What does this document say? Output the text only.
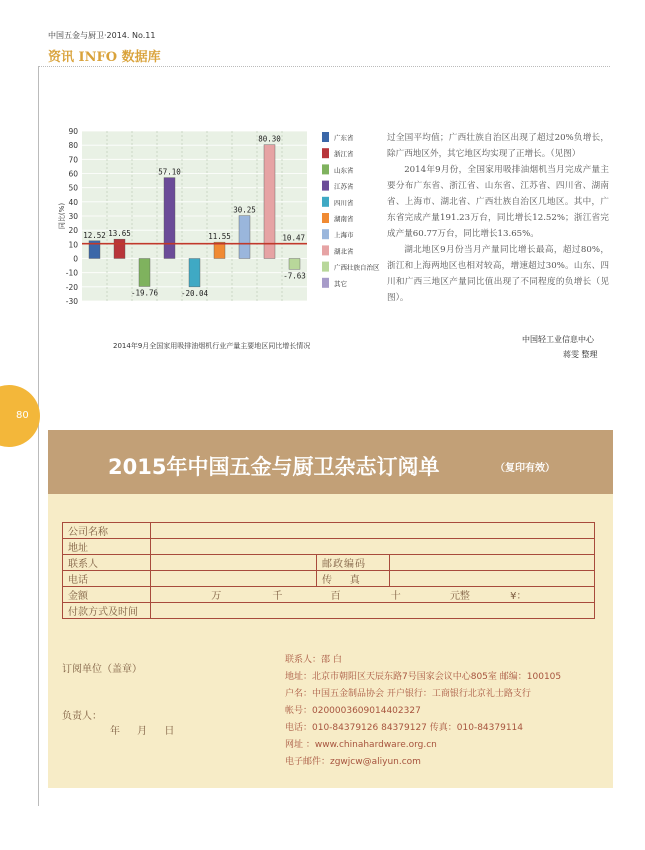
中国五金与厨卫·2014. No.11
资讯 INFO 数据库
80
90
80
70
60
50
40
30
20
10
0
-10
-20
-30
同比(%)
12.52 13.65
-19.76
57.10
-20.04
11.55
30.25
80.30
-7.63
10.47
广东省
浙江省
山东省
江苏省
四川省
湖南省
上海市
湖北省
广西壮族自治区
其它
2014年9月全国家用吸排油烟机行业产量主要地区同比增长情况

过全国平均值；广西壮族自治区出现了超过20%负增长，除广西地区外，其它地区均实现了正增长。（见图）

2014年9月份，全国家用吸排油烟机当月完成产量主要分布广东省、浙江省、山东省、江苏省、四川省、湖南省、上海市、湖北省、广西壮族自治区几地区。其中，广东省完成产量191.23万台，同比增长12.52%；浙江省完成产量60.77万台，同比增长13.65%。

湖北地区9月份当月产量同比增长最高，超过80%，浙江和上海两地区也相对较高，增速超过30%。山东、四川和广西三地区产量同比值出现了不同程度的负增长（见图）。

中国轻工业信息中心
蒋雯 整理
2015年中国五金与厨卫杂志订阅单	（复印有效）
公司名称			
地址			
联系人		邮政编码	
电话		传    真	
金额	万 千 百 十 元整 ¥：		
付款方式及时间			
订阅单位（盖章）
负责人：
年 月 日
联系人：邵 白
地址：北京市朝阳区天辰东路7号国家会议中心805室 邮编：100105
户名：中国五金制品协会 开户银行：工商银行北京礼士路支行
帐号：0200003609014402327
电话：010-84379126 84379127 传真：010-84379114
网址 ：www.chinahardware.org.cn
电子邮件：zgwjcw@aliyun.com
